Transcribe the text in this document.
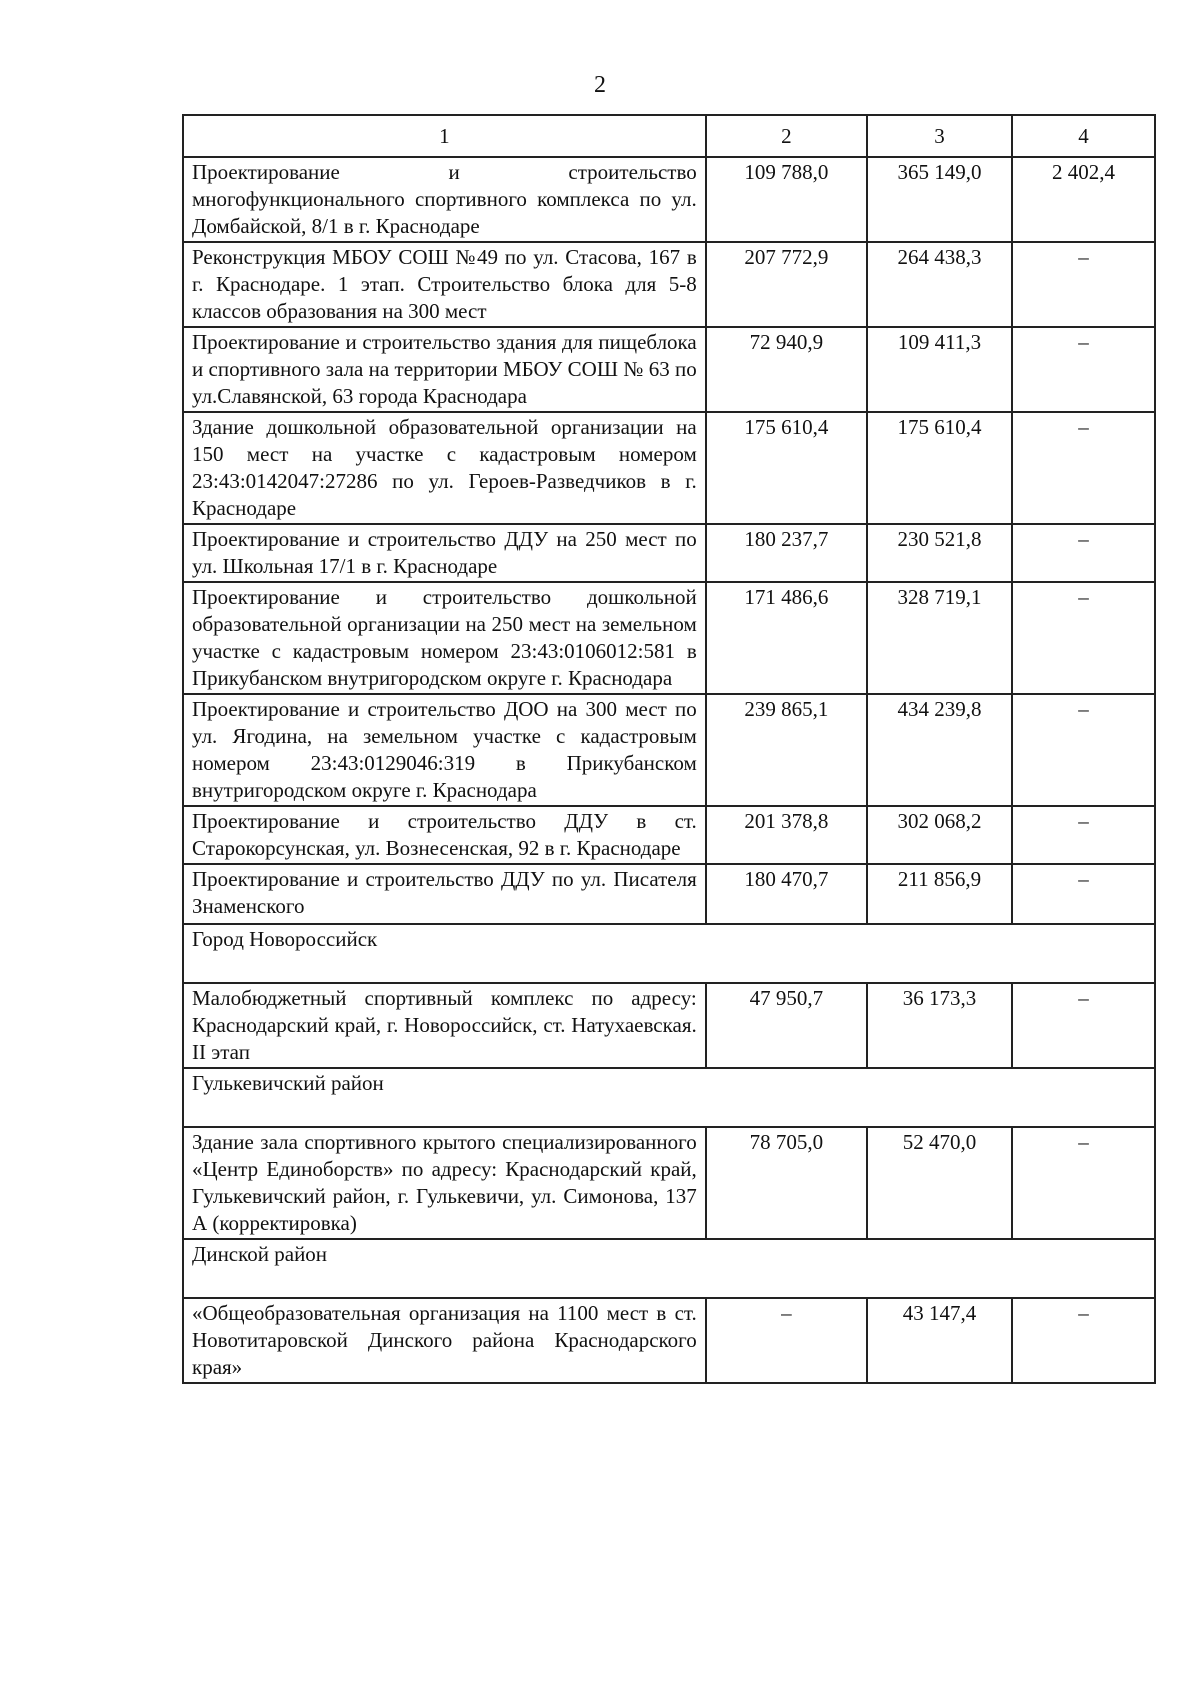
2
1	2	3	4
Проектирование и строительство многофункционального спортивного комплекса по ул. Домбайской, 8/1 в г. Краснодаре	109 788,0	365 149,0	2 402,4
Реконструкция МБОУ СОШ №49 по ул. Стасова, 167 в г. Краснодаре. 1 этап. Строительство блока для 5-8 классов образования на 300 мест	207 772,9	264 438,3	–
Проектирование и строительство здания для пищеблока и спортивного зала на территории МБОУ СОШ № 63 по ул.Славянской, 63 города Краснодара	72 940,9	109 411,3	–
Здание дошкольной образовательной организации на 150 мест на участке с кадастровым номером 23:43:0142047:27286 по ул. Героев-Разведчиков в г. Краснодаре	175 610,4	175 610,4	–
Проектирование и строительство ДДУ на 250 мест по ул. Школьная 17/1 в г. Краснодаре	180 237,7	230 521,8	–
Проектирование и строительство дошкольной образовательной организации на 250 мест на земельном участке с кадастровым номером 23:43:0106012:581 в Прикубанском внутригородском округе г. Краснодара	171 486,6	328 719,1	–
Проектирование и строительство ДОО на 300 мест по ул. Ягодина, на земельном участке с кадастровым номером 23:43:0129046:319 в Прикубанском внутригородском округе г. Краснодара	239 865,1	434 239,8	–
Проектирование и строительство ДДУ в ст. Старокорсунская, ул. Вознесенская, 92 в г. Краснодаре	201 378,8	302 068,2	–
Проектирование и строительство ДДУ по ул. Писателя Знаменского	180 470,7	211 856,9	–
Город Новороссийск			
Малобюджетный спортивный комплекс по адресу: Краснодарский край, г. Новороссийск, ст. Натухаевская. II этап	47 950,7	36 173,3	–
Гулькевичский район			
Здание зала спортивного крытого специализированного «Центр Единоборств» по адресу: Краснодарский край, Гулькевичский район, г. Гулькевичи, ул. Симонова, 137 А (корректировка)	78 705,0	52 470,0	–
Динской район			
«Общеобразовательная организация на 1100 мест в ст. Новотитаровской Динского района Краснодарского края»	–	43 147,4	–
